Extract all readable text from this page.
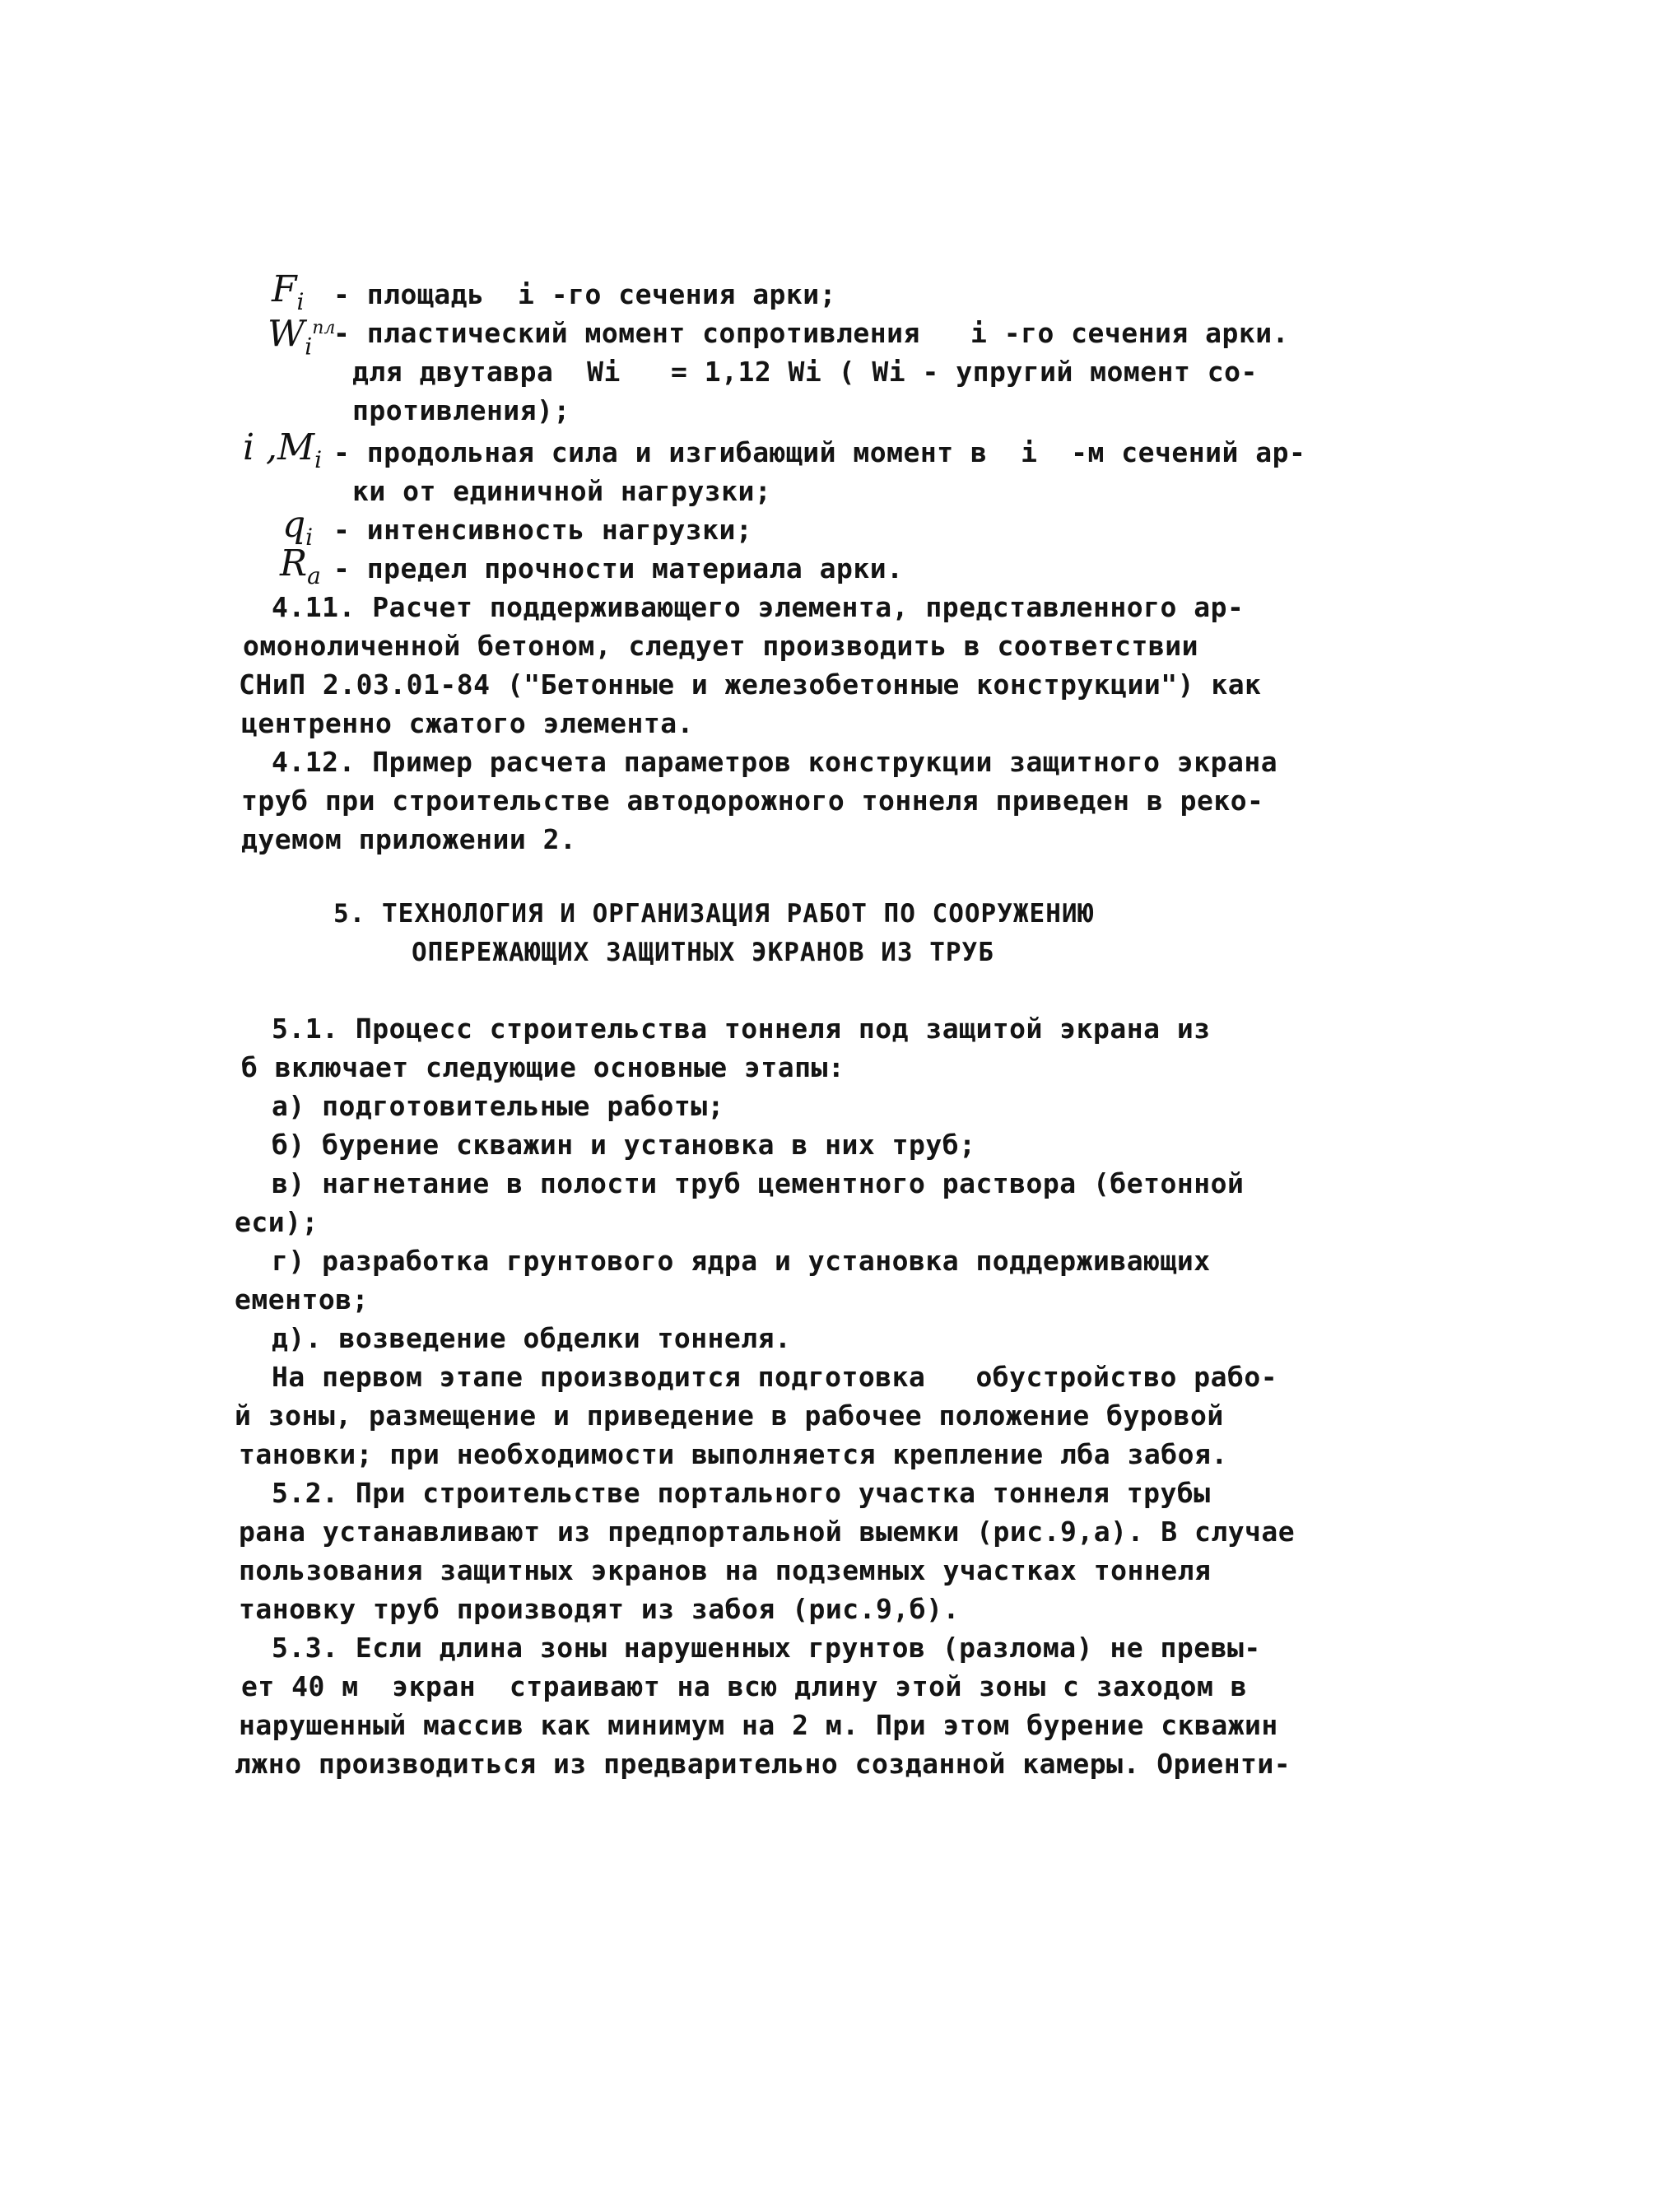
$F_i$ - площадь  i -го сечения арки;
$W_i^{пл}$
- пластический момент сопротивления   i -го сечения арки.
для двутавра  Wi   = 1,12 Wi ( Wi - упругий момент со-
противления);
i $,M_i$ - продольная сила и изгибающий момент в  i  -м сечений ар-
ки от единичной нагрузки;
$q_i$ - интенсивность нагрузки;
$R_a$ - предел прочности материала арки.
4.11. Расчет поддерживающего элемента, представленного ар-
омоноличенной бетоном, следует производить в соответствии
СНиП 2.03.01-84 ("Бетонные и железобетонные конструкции") как
центренно сжатого элемента.
4.12. Пример расчета параметров конструкции защитного экрана
труб при строительстве автодорожного тоннеля приведен в реко-
дуемом приложении 2.
5. ТЕХНОЛОГИЯ И ОРГАНИЗАЦИЯ РАБОТ ПО СООРУЖЕНИЮ
ОПЕРЕЖАЮЩИХ ЗАЩИТНЫХ ЭКРАНОВ ИЗ ТРУБ
5.1. Процесс строительства тоннеля под защитой экрана из
б включает следующие основные этапы:
а) подготовительные работы;
б) бурение скважин и установка в них труб;
в) нагнетание в полости труб цементного раствора (бетонной
еси);
г) разработка грунтового ядра и установка поддерживающих
ементов;
д). возведение обделки тоннеля.
На первом этапе производится подготовка   обустройство рабо-
й зоны, размещение и приведение в рабочее положение буровой
тановки; при необходимости выполняется крепление лба забоя.
5.2. При строительстве портального участка тоннеля трубы
рана устанавливают из предпортальной выемки (рис.9,а). В случае
пользования защитных экранов на подземных участках тоннеля
тановку труб производят из забоя (рис.9,б).
5.3. Если длина зоны нарушенных грунтов (разлома) не превы-
ет 40 м  экран  страивают на всю длину этой зоны с заходом в
нарушенный массив как минимум на 2 м. При этом бурение скважин
лжно производиться из предварительно созданной камеры. Ориенти-
